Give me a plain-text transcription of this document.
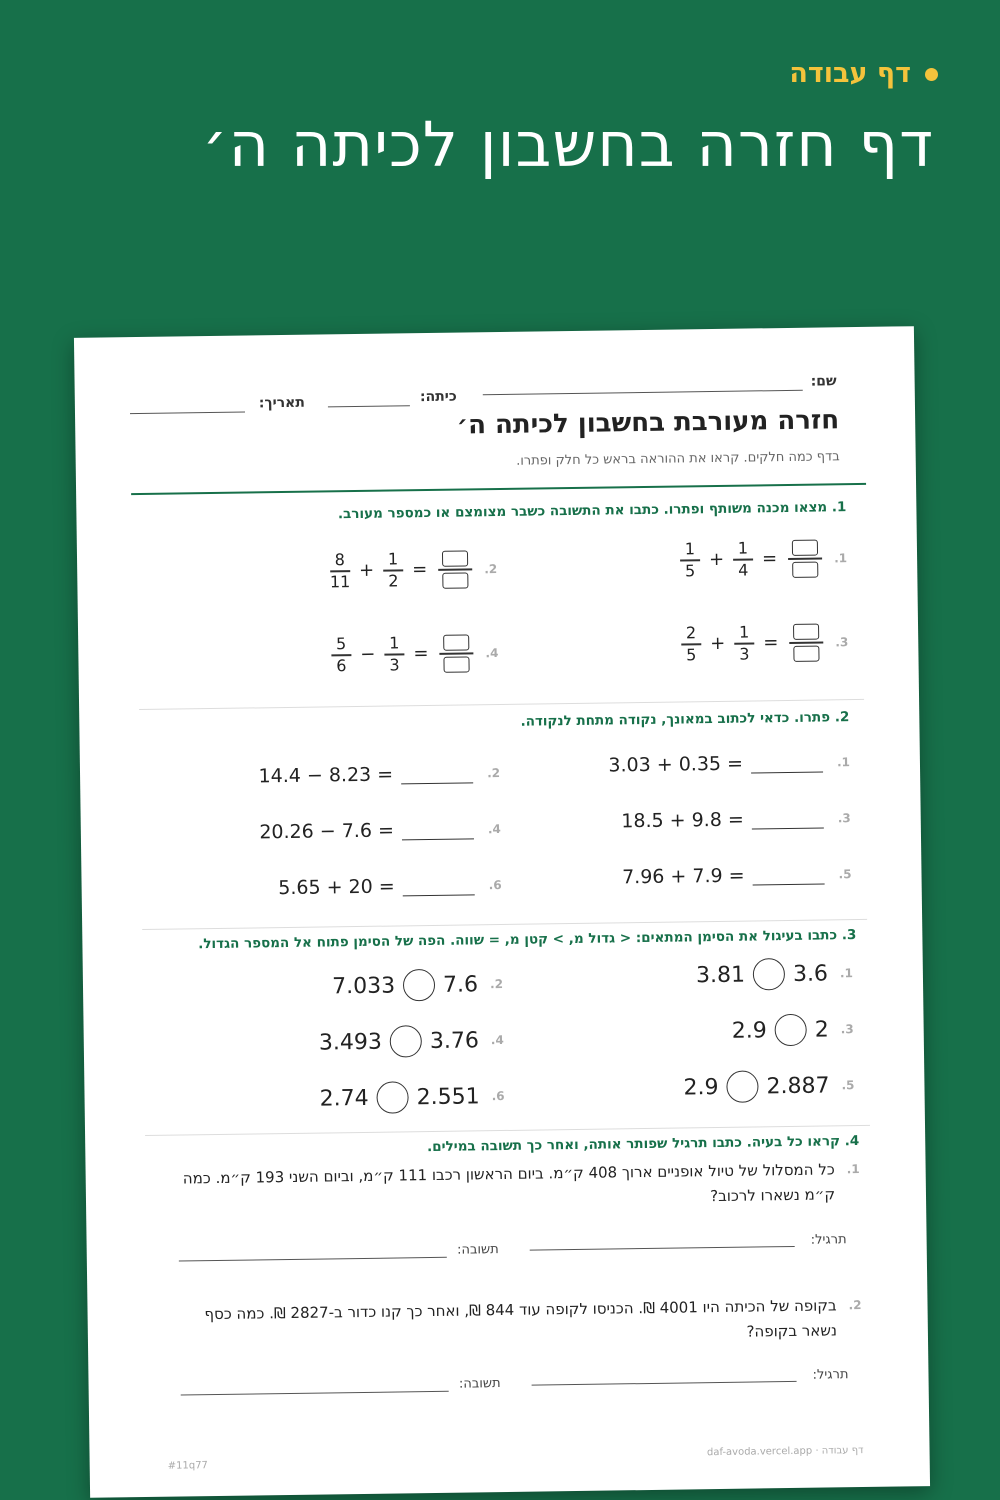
דף עבודה
דף חזרה בחשבון לכיתה ה׳
שם:
כיתה:
תאריך:
חזרה מעורבת בחשבון לכיתה ה׳
בדף כמה חלקים. קראו את ההוראה בראש כל חלק ופתרו.
1. מצאו מכנה משותף ופתרו. כתבו את התשובה כשבר מצומצם או כמספר מעורב.
1.
$\frac{1}{5} + \frac{1}{4}$ =
2.
$\frac{8}{11} + \frac{1}{2}$ =
3.
$\frac{2}{5} + \frac{1}{3}$ =
4.
$\frac{5}{6} - \frac{1}{3}$ =
2. פתרו. כדאי לכתוב במאונך, נקודה מתחת לנקודה.
1.
3.03 + 0.35 =
2.
14.4 − 8.23 =
3.
18.5 + 9.8 =
4.
20.26 − 7.6 =
5.
7.96 + 7.9 =
6.
5.65 + 20 =
3. כתבו בעיגול את הסימן המתאים: < גדול מ, > קטן מ, = שווה. הפה של הסימן פתוח אל המספר הגדול.
1.
3.81 3.6
2.
7.033 7.6
3.
2.9 2
4.
3.493 3.76
5.
2.9 2.887
6.
2.74 2.551
4. קראו כל בעיה. כתבו תרגיל שפותר אותה, ואחר כך תשובה במילים.
1.
כל המסלול של טיול אופניים ארוך 408 ק״מ. ביום הראשון רכבו 111 ק״מ, וביום השני 193 ק״מ. כמה ק״מ נשארו לרכוב?
תרגיל:
תשובה:
2.
בקופה של הכיתה היו 4001 ₪. הכניסו לקופה עוד 844 ₪, ואחר כך קנו כדור ב-2827 ₪. כמה כסף נשאר בקופה?
תרגיל:
תשובה:
דף עבודה · daf-avoda.vercel.app
#11q77
